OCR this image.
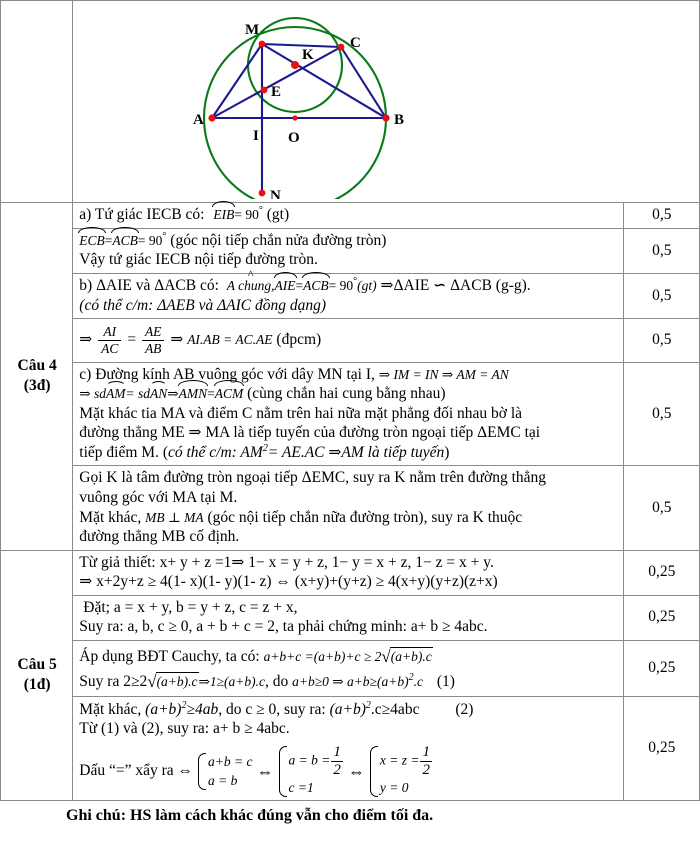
M
C
K
E
A	B
I O
N

Câu 4
(3đ)
	a) Tứ giác IECB có: EIB= 90° (gt)	0,5

ECB=
ACB= 90° (góc nội tiếp chắn nửa đường tròn)
Vậy tứ giác IECB nội tiếp đường tròn.	0,5

b) ΔAIE và ΔACB có:
^
A chung,
AIE=
ACB= 90°(gt) ⇒ΔAIE ∽ ΔACB (g-g).
(có thể c/m: ΔAEB và ΔAIC đồng dạng)
	0,5
⇒ $\frac{AI}{AC} = \frac{AE}{AB}$ ⇒ AI.AB = AC.AE (đpcm)	0,5

c) Đường kính AB vuông góc với dây MN tại I, ⇒ IM = IN ⇒ AM = AN
⇒ sd
AM= sd
AN⇒
AMN=
ACM (cùng chắn hai cung bằng nhau)
Mặt khác tia MA và điểm C nằm trên hai nữa mặt phẳng đối nhau bờ là
đường thẳng ME ⇒ MA là tiếp tuyến của đường tròn ngoại tiếp ΔEMC tại
tiếp điểm M. (có thể c/m: $AM^2= AE.AC$ ⇒AM là tiếp tuyến)
	0,5

	Gọi K là tâm đường tròn ngoại tiếp ΔEMC, suy ra K nằm trên đường thẳng
vuông góc với MA tại M.
Mặt khác, MB ⊥ MA (góc nội tiếp chắn nữa đường tròn), suy ra K thuộc
đường thẳng MB cố định.	0,5

Câu 5
(1đ)

Từ giả thiết: x+ y + z =1⇒ 1− x = y + z, 1− y = x + z, 1− z = x + y.
⇒ x+2y+z ≥ 4(1- x)(1- y)(1- z) ⇔ (x+y)+(y+z) ≥ 4(x+y)(y+z)(z+x)
	0,25

	Đặt; a = x + y, b = y + z, c = z + x,
Suy ra: a, b, c ≥ 0, a + b + c = 2, ta phải chứng minh: a+ b ≥ 4abc.	0,25

	Áp dụng BĐT Cauchy, ta có: a+b+c =(a+b)+c ≥ 2√(a+b).c
Suy ra 2≥2√(a+b).c⇒1≥(a+b).c, do a+b≥0 ⇒ $a+b\ge(a+b)^2.c$ (1)	0,25

Mặt khác, $(a+b)^2\ge 4ab$, do c ≥ 0, suy ra: $(a+b)^2.c\ge 4abc$ (2)
Từ (1) và (2), suy ra: a+ b ≥ 4abc.
Dấu “=” xẩy ra ⇔
a+b = c
a = b
⇔
$a = b = \frac{1}{2}$
c =1
⇔
$x = z = \frac{1}{2}$
y = 0
	0,25
Ghi chú: HS làm cách khác đúng vẫn cho điểm tối đa.
